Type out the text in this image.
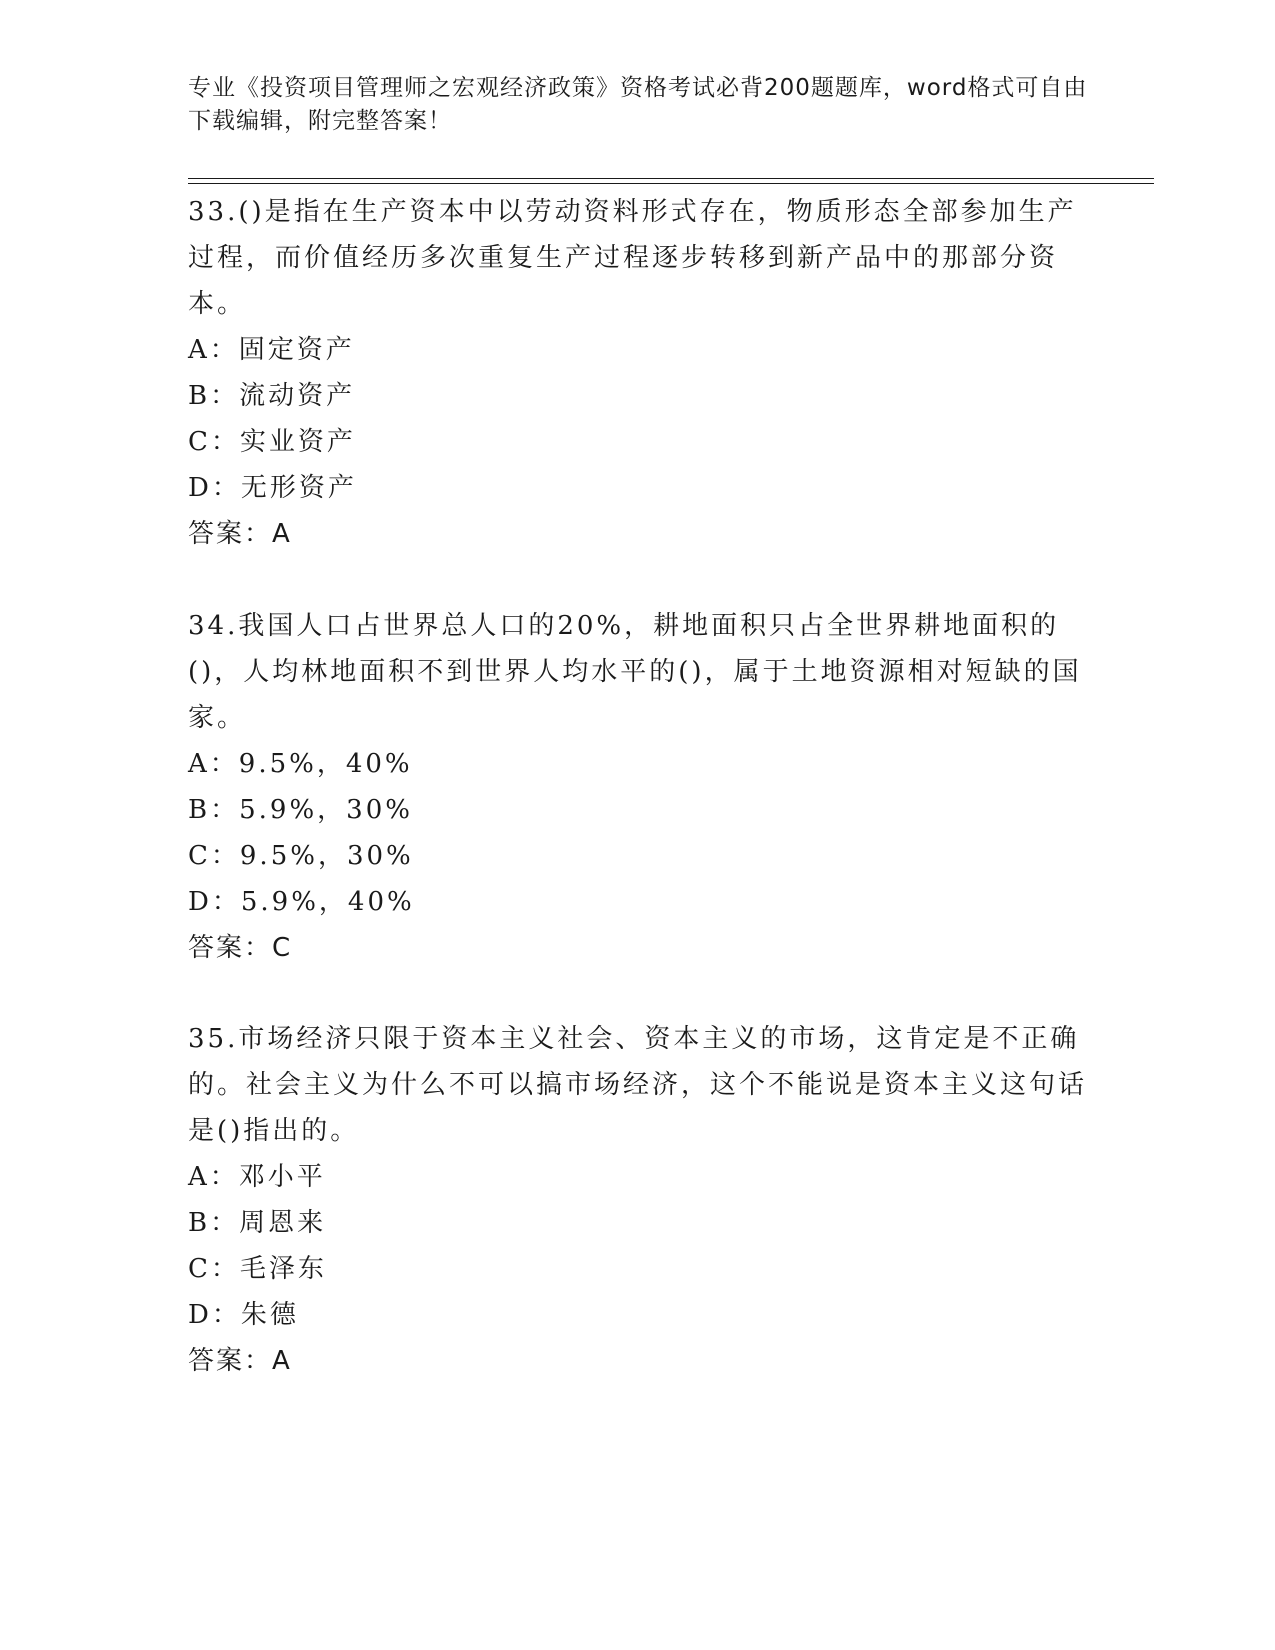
专业《投资项目管理师之宏观经济政策》资格考试必背200题题库，word格式可自由下载编辑，附完整答案！
33.()是指在生产资本中以劳动资料形式存在，物质形态全部参加生产过程，而价值经历多次重复生产过程逐步转移到新产品中的那部分资本。
A：固定资产
B：流动资产
C：实业资产
D：无形资产
答案：A
34.我国人口占世界总人口的20%，耕地面积只占全世界耕地面积的()，人均林地面积不到世界人均水平的()，属于土地资源相对短缺的国家。
A：9.5%，40%
B：5.9%，30%
C：9.5%，30%
D：5.9%，40%
答案：C
35.市场经济只限于资本主义社会、资本主义的市场，这肯定是不正确的。社会主义为什么不可以搞市场经济，这个不能说是资本主义这句话是()指出的。
A：邓小平
B：周恩来
C：毛泽东
D：朱德
答案：A
